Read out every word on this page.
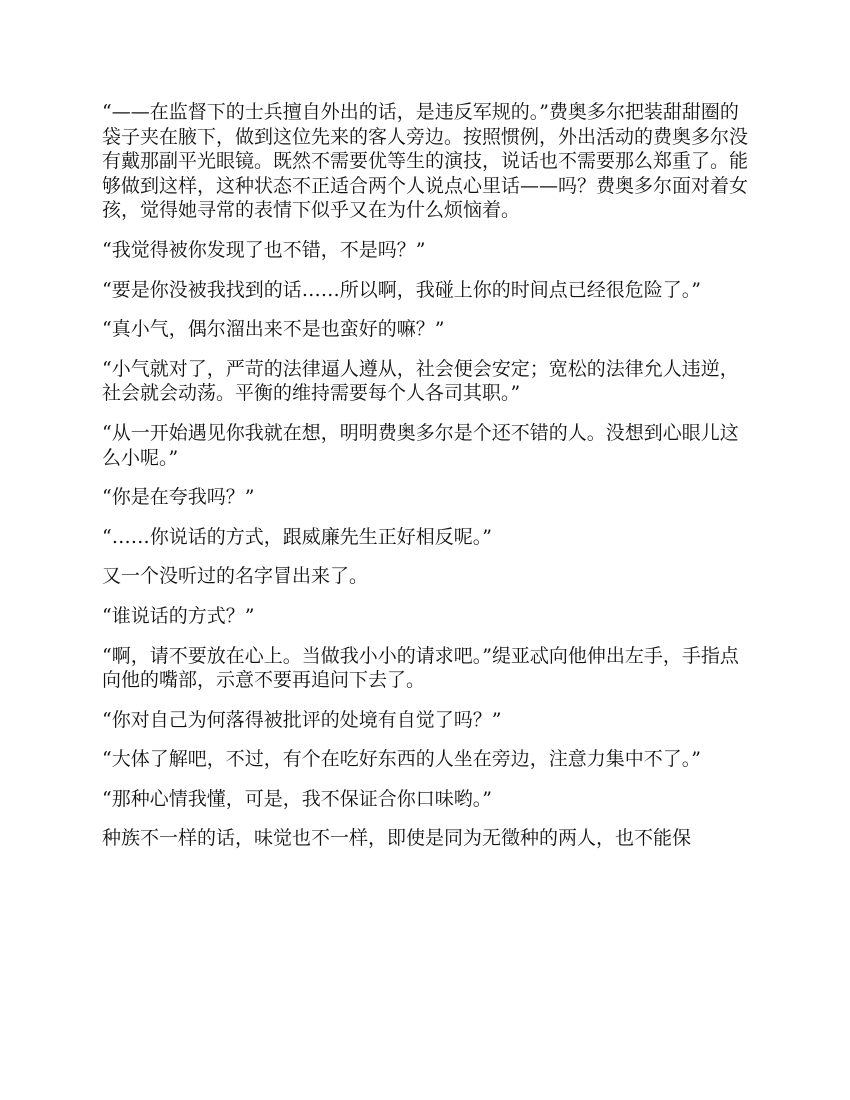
“——在监督下的士兵擅自外出的话，是违反军规的。”费奥多尔把装甜甜圈的袋子夹在腋下，做到这位先来的客人旁边。按照惯例，外出活动的费奥多尔没有戴那副平光眼镜。既然不需要优等生的演技，说话也不需要那么郑重了。能够做到这样，这种状态不正适合两个人说点心里话——吗？费奥多尔面对着女孩，觉得她寻常的表情下似乎又在为什么烦恼着。

“我觉得被你发现了也不错，不是吗？”

“要是你没被我找到的话……所以啊，我碰上你的时间点已经很危险了。”

“真小气，偶尔溜出来不是也蛮好的嘛？”

“小气就对了，严苛的法律逼人遵从，社会便会安定；宽松的法律允人违逆，社会就会动荡。平衡的维持需要每个人各司其职。”

“从一开始遇见你我就在想，明明费奥多尔是个还不错的人。没想到心眼儿这么小呢。”

“你是在夸我吗？”

“……你说话的方式，跟威廉先生正好相反呢。”

又一个没听过的名字冒出来了。

“谁说话的方式？”

“啊，请不要放在心上。当做我小小的请求吧。”缇亚忒向他伸出左手，手指点向他的嘴部，示意不要再追问下去了。

“你对自己为何落得被批评的处境有自觉了吗？”

“大体了解吧，不过，有个在吃好东西的人坐在旁边，注意力集中不了。”

“那种心情我懂，可是，我不保证合你口味哟。”

种族不一样的话，味觉也不一样，即使是同为无徵种的两人，也不能保
